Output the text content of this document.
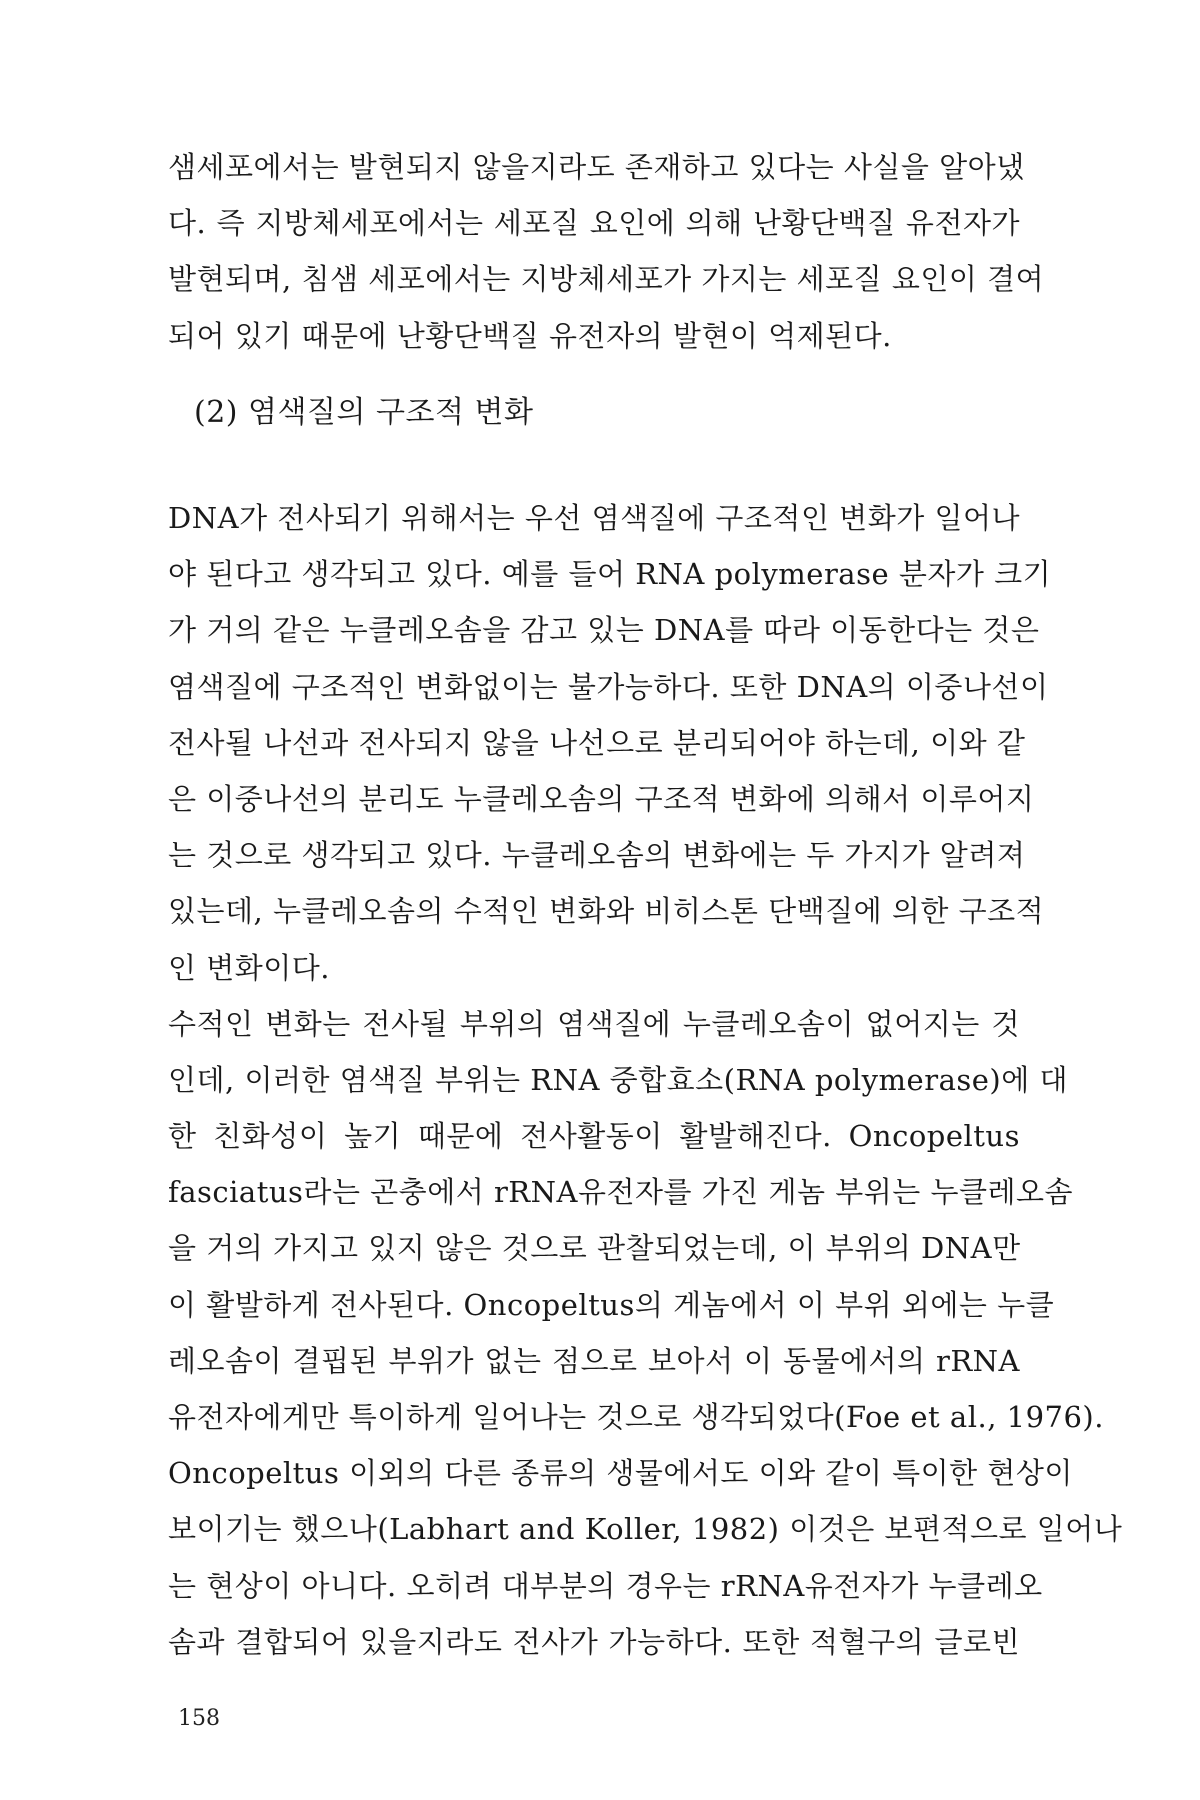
샘세포에서는 발현되지 않을지라도 존재하고 있다는 사실을 알아냈
다. 즉 지방체세포에서는 세포질 요인에 의해 난황단백질 유전자가
발현되며, 침샘 세포에서는 지방체세포가 가지는 세포질 요인이 결여
되어 있기 때문에 난황단백질 유전자의 발현이 억제된다.
(2) 염색질의 구조적 변화
DNA가 전사되기 위해서는 우선 염색질에 구조적인 변화가 일어나
야 된다고 생각되고 있다. 예를 들어 RNA polymerase 분자가 크기
가 거의 같은 누클레오솜을 감고 있는 DNA를 따라 이동한다는 것은
염색질에 구조적인 변화없이는 불가능하다. 또한 DNA의 이중나선이
전사될 나선과 전사되지 않을 나선으로 분리되어야 하는데, 이와 같
은 이중나선의 분리도 누클레오솜의 구조적 변화에 의해서 이루어지
는 것으로 생각되고 있다. 누클레오솜의 변화에는 두 가지가 알려져
있는데, 누클레오솜의 수적인 변화와 비히스톤 단백질에 의한 구조적
인 변화이다.
수적인 변화는 전사될 부위의 염색질에 누클레오솜이 없어지는 것
인데, 이러한 염색질 부위는 RNA 중합효소(RNA polymerase)에 대
한 친화성이 높기 때문에 전사활동이 활발해진다. Oncopeltus
fasciatus라는 곤충에서 rRNA유전자를 가진 게놈 부위는 누클레오솜
을 거의 가지고 있지 않은 것으로 관찰되었는데, 이 부위의 DNA만
이 활발하게 전사된다. Oncopeltus의 게놈에서 이 부위 외에는 누클
레오솜이 결핍된 부위가 없는 점으로 보아서 이 동물에서의 rRNA
유전자에게만 특이하게 일어나는 것으로 생각되었다(Foe et al., 1976).
Oncopeltus 이외의 다른 종류의 생물에서도 이와 같이 특이한 현상이
보이기는 했으나(Labhart and Koller, 1982) 이것은 보편적으로 일어나
는 현상이 아니다. 오히려 대부분의 경우는 rRNA유전자가 누클레오
솜과 결합되어 있을지라도 전사가 가능하다. 또한 적혈구의 글로빈
158
